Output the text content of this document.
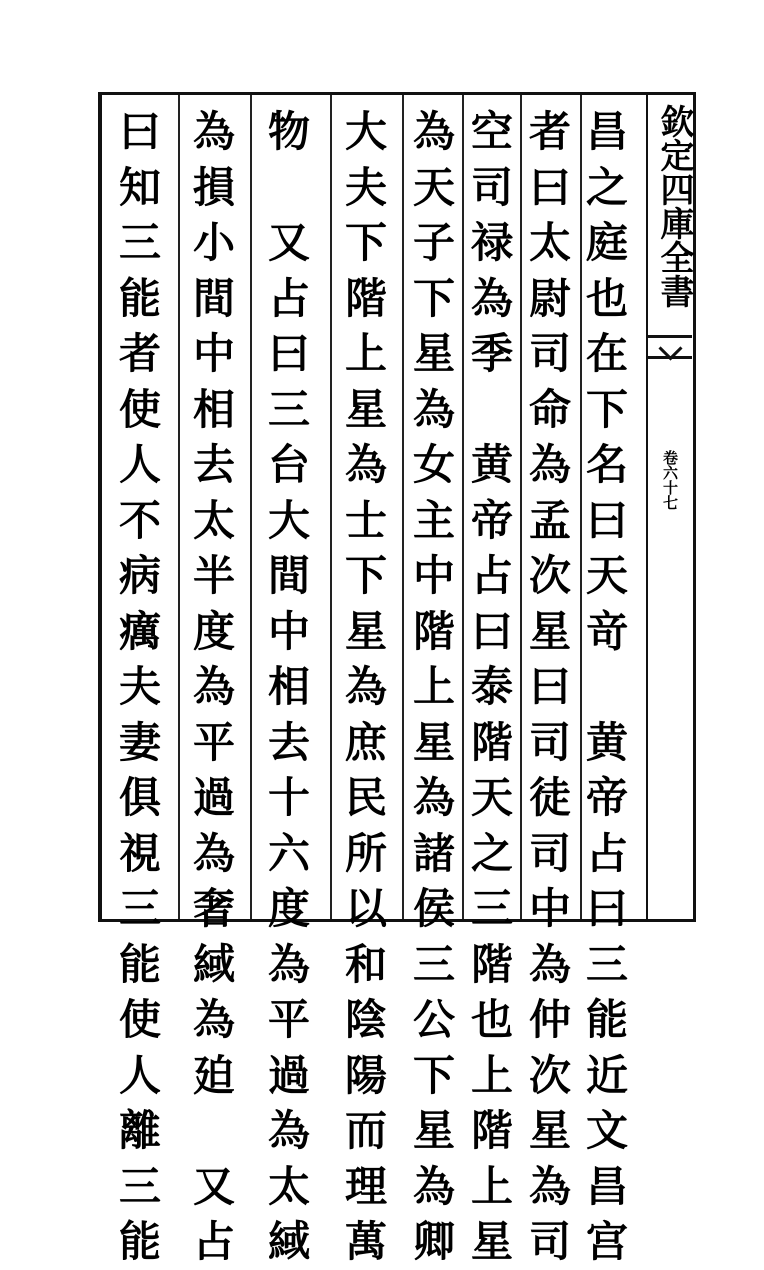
欽定四庫全書
卷六十七
昌
之
庭
也
在
下
名
曰
天
竒
黄
帝
占
曰
三
能
近
文
昌
宫
者
曰
太
尉
司
命
為
孟
次
星
曰
司
徒
司
中
為
仲
次
星
為
司
空
司
禄
為
季
黄
帝
占
曰
泰
階
天
之
三
階
也
上
階
上
星
為
天
子
下
星
為
女
主
中
階
上
星
為
諸
侯
三
公
下
星
為
卿
大
夫
下
階
上
星
為
士
下
星
為
庶
民
所
以
和
陰
陽
而
理
萬
物
又
占
曰
三
台
大
間
中
相
去
十
六
度
為
平
過
為
太
緎
為
損
小
間
中
相
去
太
半
度
為
平
過
為
奢
緎
為
廹
又
占
曰
知
三
能
者
使
人
不
病
癘
夫
妻
俱
視
三
能
使
人
離
三
能
